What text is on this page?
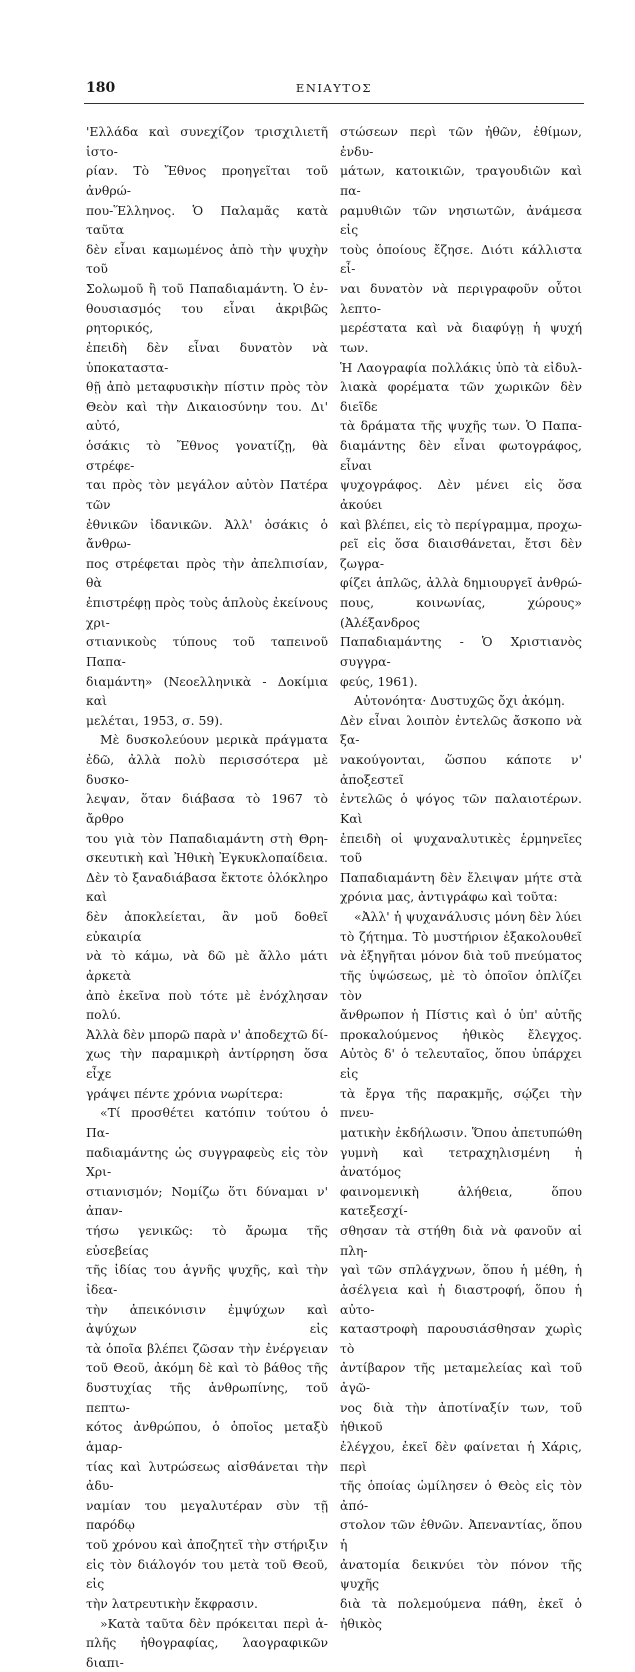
180	ΕΝΙΑΥΤΟΣ

'Ελλάδα καὶ συνεχίζον τρισχιλιετῆ ἱστο-

ρίαν. Τὸ Ἔθνος προηγεῖται τοῦ ἀνθρώ-

που-Ἕλληνος. Ὁ Παλαμᾶς κατὰ ταῦτα

δὲν εἶναι καμωμένος ἀπὸ τὴν ψυχὴν τοῦ

Σολωμοῦ ἢ τοῦ Παπαδιαμάντη. Ὁ ἐν-

θουσιασμός του εἶναι ἀκριβῶς ρητορικός,

ἐπειδὴ δὲν εἶναι δυνατὸν νὰ ὑποκαταστα-

θῇ ἀπὸ μεταφυσικὴν πίστιν πρὸς τὸν

Θεὸν καὶ τὴν Δικαιοσύνην του. Δι' αὐτό,

ὁσάκις τὸ Ἔθνος γονατίζῃ, θὰ στρέφε-

ται πρὸς τὸν μεγάλον αὐτὸν Πατέρα τῶν

ἐθνικῶν ἰδανικῶν. Ἀλλ' ὁσάκις ὁ ἄνθρω-

πος στρέφεται πρὸς τὴν ἀπελπισίαν, θὰ

ἐπιστρέφῃ πρὸς τοὺς ἁπλοὺς ἐκείνους χρι-

στιανικοὺς τύπους τοῦ ταπεινοῦ Παπα-

διαμάντη» (Νεοελληνικὰ - Δοκίμια καὶ

μελέται, 1953, σ. 59).

Μὲ δυσκολεύουν μερικὰ πράγματα

ἐδῶ, ἀλλὰ πολὺ περισσότερα μὲ δυσκο-

λεψαν, ὅταν διάβασα τὸ 1967 τὸ ἄρθρο

του γιὰ τὸν Παπαδιαμάντη στὴ Θρη-

σκευτικὴ καὶ Ἠθικὴ Ἐγκυκλοπαίδεια.

Δὲν τὸ ξαναδιάβασα ἔκτοτε ὁλόκληρο καὶ

δὲν ἀποκλείεται, ἂν μοῦ δοθεῖ εὐκαιρία

νὰ τὸ κάμω, νὰ δῶ μὲ ἄλλο μάτι ἀρκετὰ

ἀπὸ ἐκεῖνα ποὺ τότε μὲ ἐνόχλησαν πολύ.

Ἀλλὰ δὲν μπορῶ παρὰ ν' ἀποδεχτῶ δί-

χως τὴν παραμικρὴ ἀντίρρηση ὅσα εἶχε

γράψει πέντε χρόνια νωρίτερα:

«Τί προσθέτει κατόπιν τούτου ὁ Πα-

παδιαμάντης ὡς συγγραφεὺς εἰς τὸν Χρι-

στιανισμόν; Νομίζω ὅτι δύναμαι ν' ἀπαν-

τήσω γενικῶς: τὸ ἄρωμα τῆς εὐσεβείας

τῆς ἰδίας του ἁγνῆς ψυχῆς, καὶ τὴν ἰδεα-

τὴν ἀπεικόνισιν ἐμψύχων καὶ ἀψύχων εἰς

τὰ ὁποῖα βλέπει ζῶσαν τὴν ἐνέργειαν

τοῦ Θεοῦ, ἀκόμη δὲ καὶ τὸ βάθος τῆς

δυστυχίας τῆς ἀνθρωπίνης, τοῦ πεπτω-

κότος ἀνθρώπου, ὁ ὁποῖος μεταξὺ ἁμαρ-

τίας καὶ λυτρώσεως αἰσθάνεται τὴν ἀδυ-

ναμίαν του μεγαλυτέραν σὺν τῇ παρόδῳ

τοῦ χρόνου καὶ ἀποζητεῖ τὴν στήριξιν

εἰς τὸν διάλογόν του μετὰ τοῦ Θεοῦ, εἰς

τὴν λατρευτικὴν ἔκφρασιν.

»Κατὰ ταῦτα δὲν πρόκειται περὶ ἁ-

πλῆς ἠθογραφίας, λαογραφικῶν διαπι-

στώσεων περὶ τῶν ἠθῶν, ἐθίμων, ἐνδυ-

μάτων, κατοικιῶν, τραγουδιῶν καὶ πα-

ραμυθιῶν τῶν νησιωτῶν, ἀνάμεσα εἰς

τοὺς ὁποίους ἔζησε. Διότι κάλλιστα εἶ-

ναι δυνατὸν νὰ περιγραφοῦν οὗτοι λεπτο-

μερέστατα καὶ νὰ διαφύγῃ ἡ ψυχή των.

Ἡ Λαογραφία πολλάκις ὑπὸ τὰ εἰδυλ-

λιακὰ φορέματα τῶν χωρικῶν δὲν διεῖδε

τὰ δράματα τῆς ψυχῆς των. Ὁ Παπα-

διαμάντης δὲν εἶναι φωτογράφος, εἶναι

ψυχογράφος. Δὲν μένει εἰς ὅσα ἀκούει

καὶ βλέπει, εἰς τὸ περίγραμμα, προχω-

ρεῖ εἰς ὅσα διαισθάνεται, ἔτσι δὲν ζωγρα-

φίζει ἁπλῶς, ἀλλὰ δημιουργεῖ ἀνθρώ-

πους, κοινωνίας, χώρους» (Ἀλέξανδρος

Παπαδιαμάντης - Ὁ Χριστιανὸς συγγρα-

φεύς, 1961).

Αὐτονόητα· Δυστυχῶς ὄχι ἀκόμη.

Δὲν εἶναι λοιπὸν ἐντελῶς ἄσκοπο νὰ ξα-

νακούγονται, ὥσπου κάποτε ν' ἀποξεστεῖ

ἐντελῶς ὁ ψόγος τῶν παλαιοτέρων. Καὶ

ἐπειδὴ οἱ ψυχαναλυτικὲς ἑρμηνεῖες τοῦ

Παπαδιαμάντη δὲν ἔλειψαν μήτε στὰ

χρόνια μας, ἀντιγράφω καὶ τοῦτα:

«Ἀλλ' ἡ ψυχανάλυσις μόνη δὲν λύει

τὸ ζήτημα. Τὸ μυστήριον ἐξακολουθεῖ

νὰ ἐξηγῆται μόνον διὰ τοῦ πνεύματος

τῆς ὑψώσεως, μὲ τὸ ὁποῖον ὁπλίζει τὸν

ἄνθρωπον ἡ Πίστις καὶ ὁ ὑπ' αὐτῆς

προκαλούμενος ἠθικὸς ἔλεγχος.

Αὐτὸς δ' ὁ τελευταῖος, ὅπου ὑπάρχει εἰς

τὰ ἔργα τῆς παρακμῆς, σῴζει τὴν πνευ-

ματικὴν ἐκδήλωσιν. Ὅπου ἀπετυπώθη

γυμνὴ καὶ τετραχηλισμένη ἡ ἀνατόμος

φαινομενικὴ ἀλήθεια, ὅπου κατεξεσχί-

σθησαν τὰ στήθη διὰ νὰ φανοῦν αἱ πλη-

γαὶ τῶν σπλάγχνων, ὅπου ἡ μέθη, ἡ

ἀσέλγεια καὶ ἡ διαστροφή, ὅπου ἡ αὐτο-

καταστροφὴ παρουσιάσθησαν χωρὶς τὸ

ἀντίβαρον τῆς μεταμελείας καὶ τοῦ ἀγῶ-

νος διὰ τὴν ἀποτίναξίν των, τοῦ ἠθικοῦ

ἐλέγχου, ἐκεῖ δὲν φαίνεται ἡ Χάρις, περὶ

τῆς ὁποίας ὡμίλησεν ὁ Θεὸς εἰς τὸν ἀπό-

στολον τῶν ἐθνῶν. Ἀπεναντίας, ὅπου ἡ

ἀνατομία δεικνύει τὸν πόνον τῆς ψυχῆς

διὰ τὰ πολεμούμενα πάθη, ἐκεῖ ὁ ἠθικὸς
